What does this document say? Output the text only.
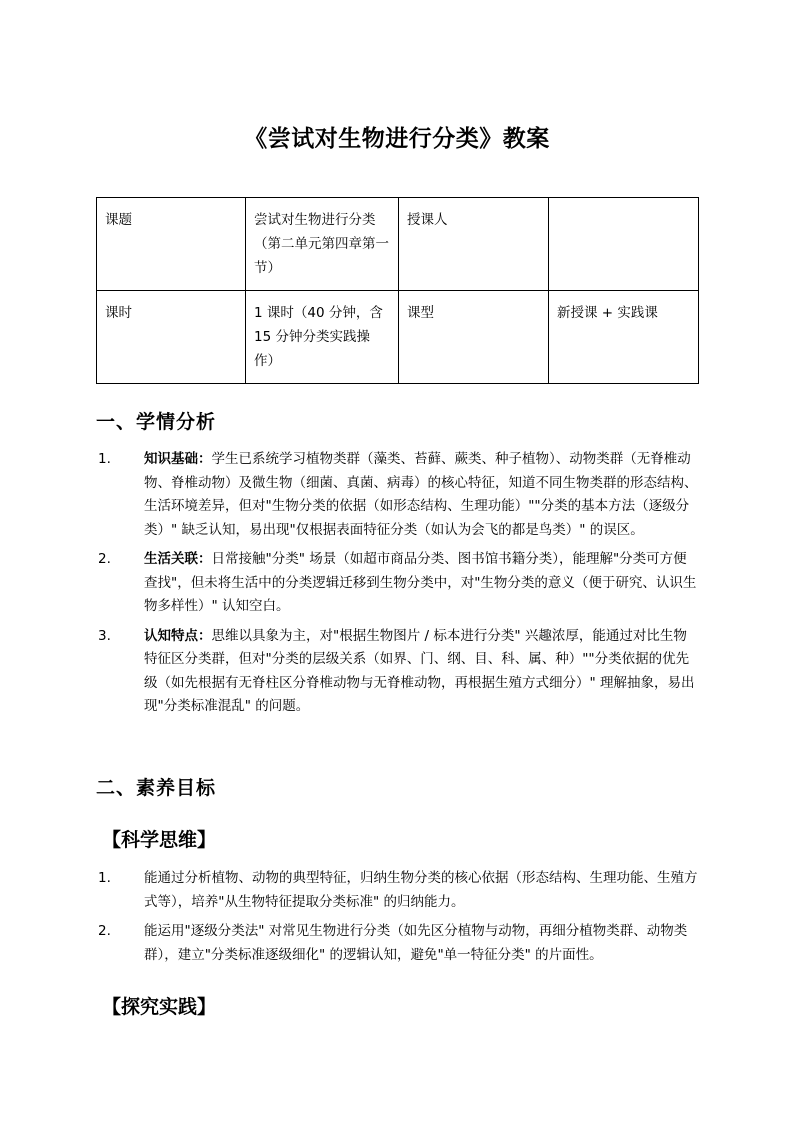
《尝试对生物进行分类》教案
课题	尝试对生物进行分类（第二单元第四章第一节）	授课人	
课时	1 课时（40 分钟，含 15 分钟分类实践操作）	课型	新授课 + 实践课
一、学情分析
1. 知识基础：学生已系统学习植物类群（藻类、苔藓、蕨类、种子植物）、动物类群（无脊椎动物、脊椎动物）及微生物（细菌、真菌、病毒）的核心特征，知道不同生物类群的形态结构、生活环境差异，但对"生物分类的依据（如形态结构、生理功能）""分类的基本方法（逐级分类）" 缺乏认知，易出现"仅根据表面特征分类（如认为会飞的都是鸟类）" 的误区。
2. 生活关联：日常接触"分类" 场景（如超市商品分类、图书馆书籍分类），能理解"分类可方便查找"，但未将生活中的分类逻辑迁移到生物分类中，对"生物分类的意义（便于研究、认识生物多样性）" 认知空白。
3. 认知特点：思维以具象为主，对"根据生物图片 / 标本进行分类" 兴趣浓厚，能通过对比生物特征区分类群，但对"分类的层级关系（如界、门、纲、目、科、属、种）""分类依据的优先级（如先根据有无脊柱区分脊椎动物与无脊椎动物，再根据生殖方式细分）" 理解抽象，易出现"分类标准混乱" 的问题。
二、素养目标
【科学思维】
1. 能通过分析植物、动物的典型特征，归纳生物分类的核心依据（形态结构、生理功能、生殖方式等），培养"从生物特征提取分类标准" 的归纳能力。
2. 能运用"逐级分类法" 对常见生物进行分类（如先区分植物与动物，再细分植物类群、动物类群），建立"分类标准逐级细化" 的逻辑认知，避免"单一特征分类" 的片面性。
【探究实践】
